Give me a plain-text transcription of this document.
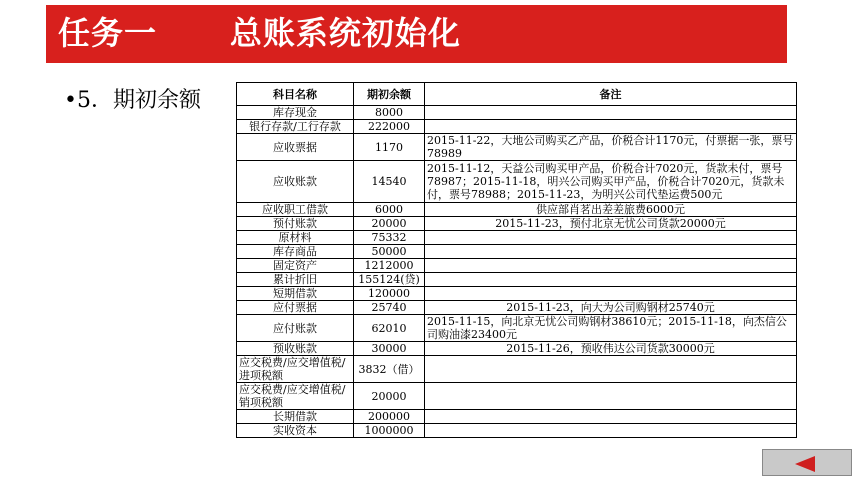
任务一      总账系统初始化
•5．期初余额	科目名称	期初余额	备注
库存现金	8000	
银行存款/工行存款	222000	
应收票据	1170	2015-11-22，大地公司购买乙产品，价税合计1170元，付票据一张，票号78989
应收账款	14540	2015-11-12，天益公司购买甲产品，价税合计7020元，货款未付，票号78987；2015-11-18，明兴公司购买甲产品，价税合计7020元，货款未付，票号78988；2015-11-23，为明兴公司代垫运费500元
应收职工借款	6000	供应部肖茗出差差旅费6000元
预付账款	20000	2015-11-23，预付北京无忧公司货款20000元
原材料	75332	
库存商品	50000	
固定资产	1212000	
累计折旧	155124(贷)	
短期借款	120000	
应付票据	25740	2015-11-23，向大为公司购钢材25740元
应付账款	62010	2015-11-15，向北京无忧公司购钢材38610元；2015-11-18，向杰信公司购油漆23400元
预收账款	30000	2015-11-26，预收伟达公司货款30000元
应交税费/应交增值税/进项税额	3832（借）	
应交税费/应交增值税/销项税额	20000	
长期借款	200000	
实收资本	1000000	
